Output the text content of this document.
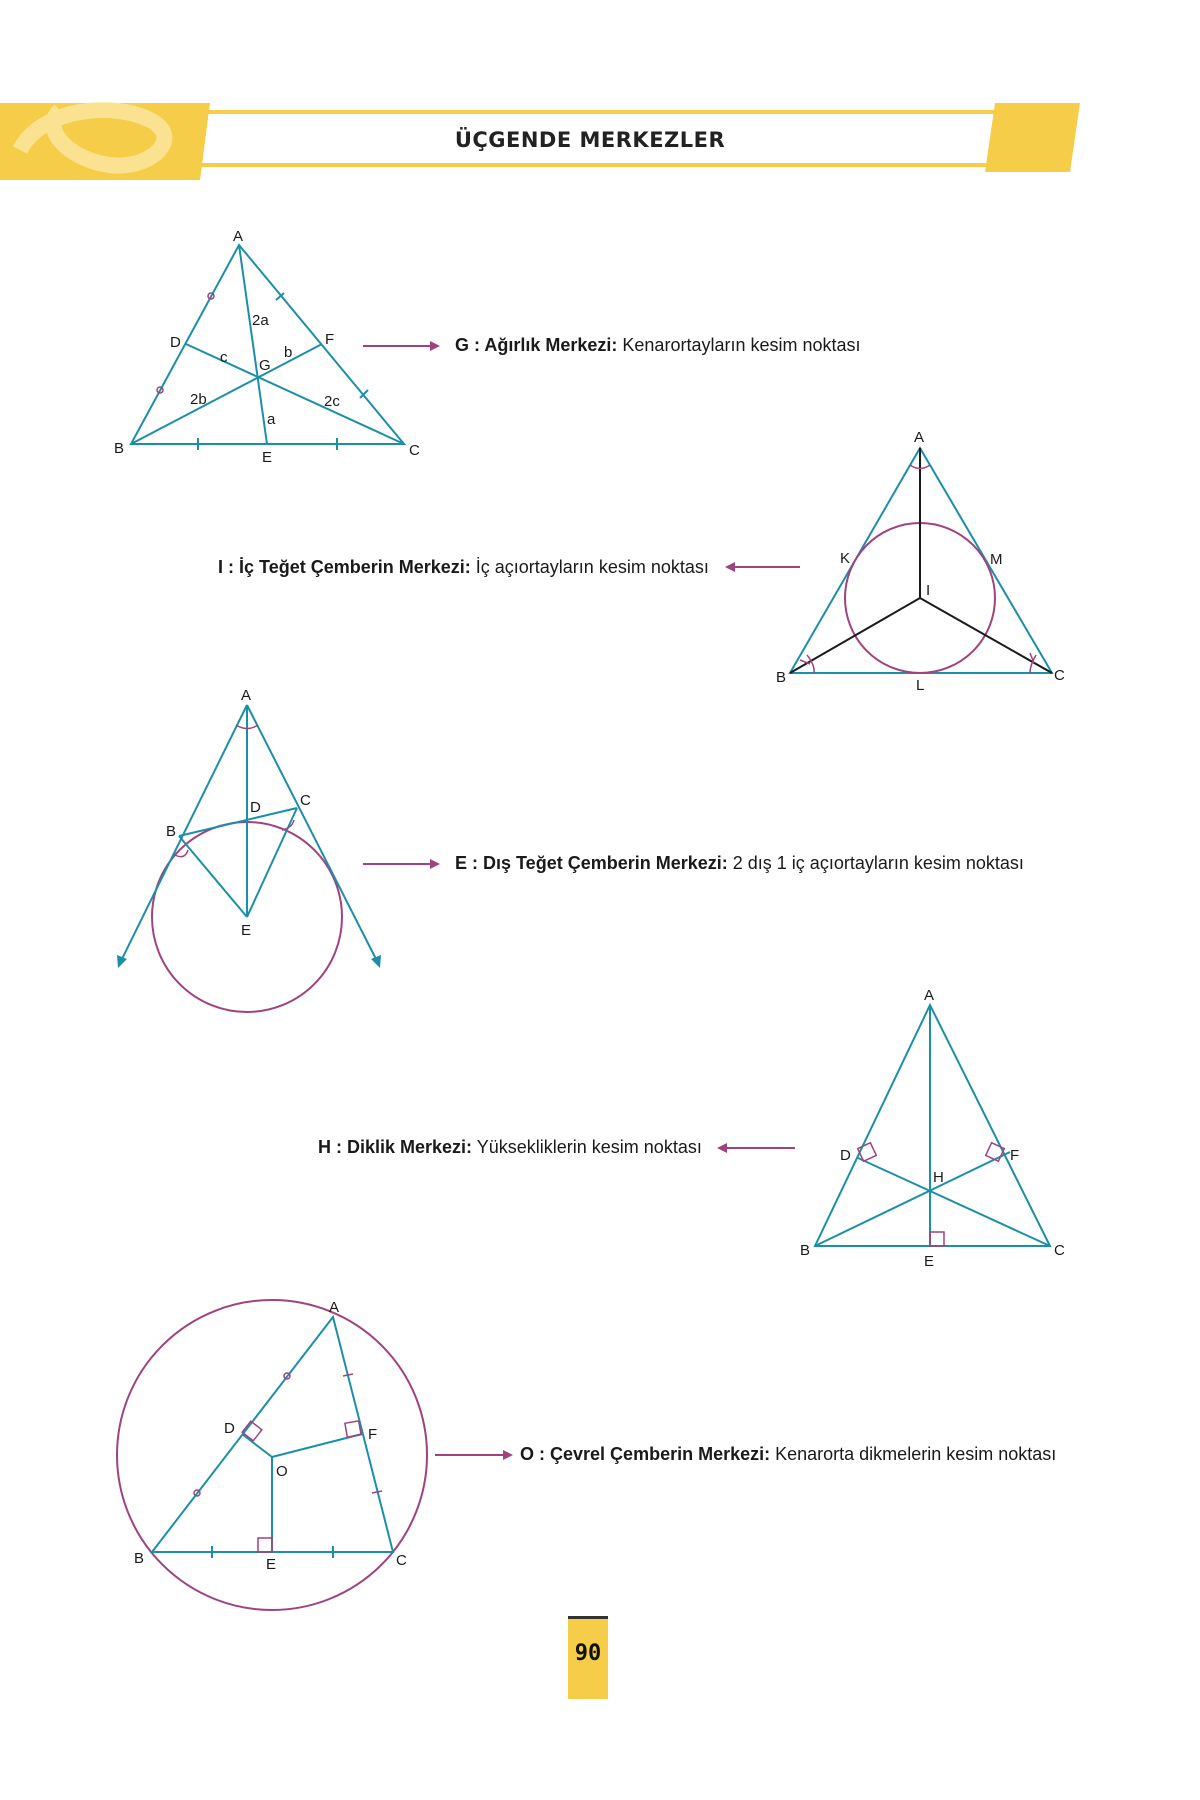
A
B	C
D
E
F
G
2a
a
b
2b
c
2c
A
B	C
K
L
M
I
A
B
C
D
E
A
B	C
D
E
F
H
A
B	C
D
E
F
O
ÜÇGENDE MERKEZLER
G : Ağırlık Merkezi: Kenarortayların kesim noktası
I : İç Teğet Çemberin Merkezi: İç açıortayların kesim noktası
E : Dış Teğet Çemberin Merkezi: 2 dış 1 iç açıortayların kesim noktası
H : Diklik Merkezi: Yüksekliklerin kesim noktası
O : Çevrel Çemberin Merkezi: Kenarorta dikmelerin kesim noktası
90
